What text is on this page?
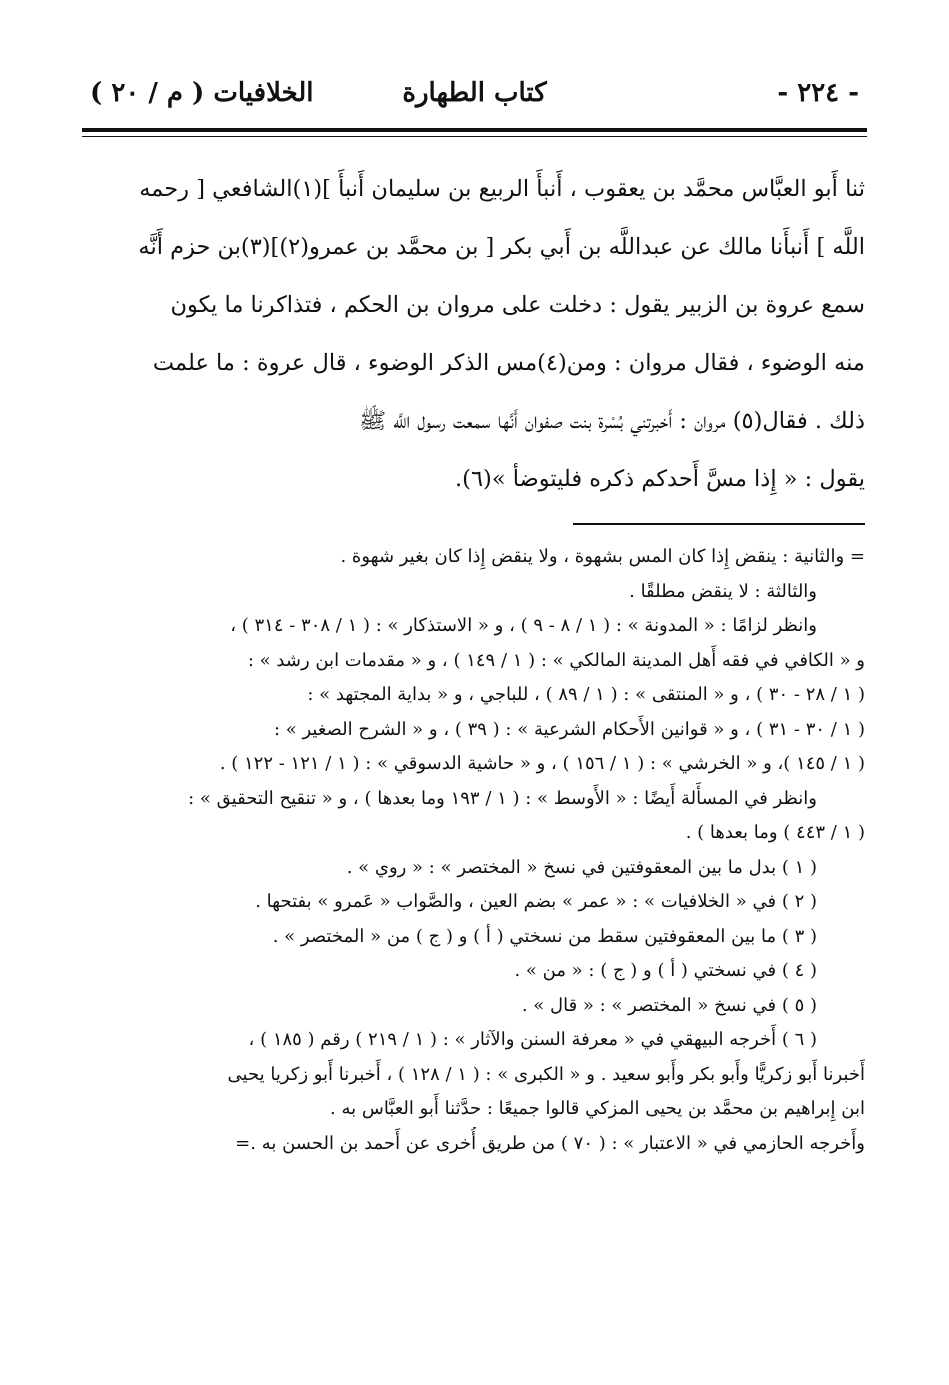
- ٢٢٤ -
كتاب الطهارة
الخلافيات ( م / ٢٠ )
ثنا أَبو العبَّاس محمَّد بن يعقوب ، أَنبأَ الربيع بن سليمان أَنبأَ ](١)الشافعي [ رحمه
اللَّه ] أَنبأَنا مالك عن عبداللَّه بن أَبي بكر [ بن محمَّد بن عمرو(٢)](٣)بن حزم أَنَّه
سمع عروة بن الزبير يقول : دخلت على مروان بن الحكم ، فتذاكرنا ما يكون
منه الوضوء ، فقال مروان : ومن(٤)مس الذكر الوضوء ، قال عروة : ما علمت
ذلك . فقال(٥) مروان : أَخبرتني بُسْرة بنت صفوان أَنَّها سمعت رسول اللَّه ﷺ
يقول : « إِذا مسَّ أَحدكم ذكره فليتوضأ »(٦).
= والثانية : ينقض إِذا كان المس بشهوة ، ولا ينقض إِذا كان بغير شهوة .
والثالثة : لا ينقض مطلقًا .
وانظر لزامًا : « المدونة » : ( ١ / ٨ - ٩ ) ، و « الاستذكار » : ( ١ / ٣٠٨ - ٣١٤ ) ،
و « الكافي في فقه أَهل المدينة المالكي » : ( ١ / ١٤٩ ) ، و « مقدمات ابن رشد » :
( ١ / ٢٨ - ٣٠ ) ، و « المنتقى » : ( ١ / ٨٩ ) ، للباجي ، و « بداية المجتهد » :
( ١ / ٣٠ - ٣١ ) ، و « قوانين الأَحكام الشرعية » : ( ٣٩ ) ، و « الشرح الصغير » :
( ١ / ١٤٥ )، و « الخرشي » : ( ١ / ١٥٦ ) ، و « حاشية الدسوقي » : ( ١ / ١٢١ - ١٢٢ ) .
وانظر في المسأَلة أَيضًا : « الأَوسط » : ( ١ / ١٩٣ وما بعدها ) ، و « تنقيح التحقيق » :
( ١ / ٤٤٣ ) وما بعدها ) .
( ١ ) بدل ما بين المعقوفتين في نسخ « المختصر » : « روي » .
( ٢ ) في « الخلافيات » : « عمر » بضم العين ، والصَّواب « عَمرو » بفتحها .
( ٣ ) ما بين المعقوفتين سقط من نسختي ( أ ) و ( ج ) من « المختصر » .
( ٤ ) في نسختي ( أ ) و ( ج ) : « من » .
( ٥ ) في نسخ « المختصر » : « قال » .
( ٦ ) أَخرجه البيهقي في « معرفة السنن والآثار » : ( ١ / ٢١٩ ) رقم ( ١٨٥ ) ،
أَخبرنا أَبو زكريًّا وأَبو بكر وأَبو سعيد . و « الكبرى » : ( ١ / ١٢٨ ) ، أَخبرنا أَبو زكريا يحيى
ابن إِبراهيم بن محمَّد بن يحيى المزكي قالوا جميعًا : حدَّثنا أَبو العبَّاس به .
وأَخرجه الحازمي في « الاعتبار » : ( ٧٠ ) من طريق أُخرى عن أَحمد بن الحسن به .=
